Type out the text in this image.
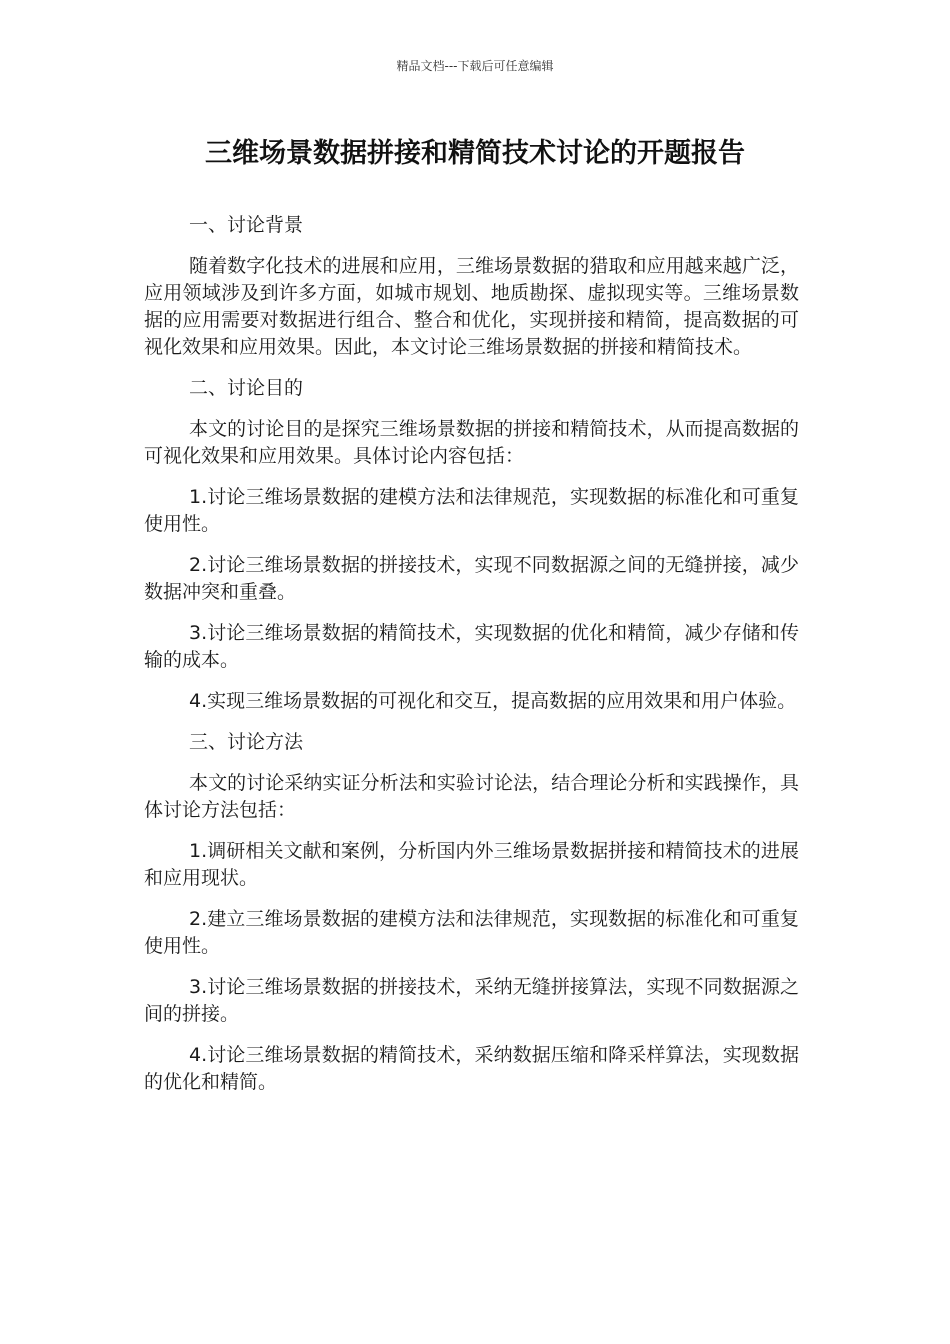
精品文档---下载后可任意编辑
三维场景数据拼接和精简技术讨论的开题报告

一、讨论背景

随着数字化技术的进展和应用，三维场景数据的猎取和应用越来越广泛，应用领域涉及到许多方面，如城市规划、地质勘探、虚拟现实等。三维场景数据的应用需要对数据进行组合、整合和优化，实现拼接和精简，提高数据的可视化效果和应用效果。因此，本文讨论三维场景数据的拼接和精简技术。

二、讨论目的

本文的讨论目的是探究三维场景数据的拼接和精简技术，从而提高数据的可视化效果和应用效果。具体讨论内容包括：

1.讨论三维场景数据的建模方法和法律规范，实现数据的标准化和可重复使用性。

2.讨论三维场景数据的拼接技术，实现不同数据源之间的无缝拼接，减少数据冲突和重叠。

3.讨论三维场景数据的精简技术，实现数据的优化和精简，减少存储和传输的成本。

4.实现三维场景数据的可视化和交互，提高数据的应用效果和用户体验。

三、讨论方法

本文的讨论采纳实证分析法和实验讨论法，结合理论分析和实践操作，具体讨论方法包括：

1.调研相关文献和案例，分析国内外三维场景数据拼接和精简技术的进展和应用现状。

2.建立三维场景数据的建模方法和法律规范，实现数据的标准化和可重复使用性。

3.讨论三维场景数据的拼接技术，采纳无缝拼接算法，实现不同数据源之间的拼接。

4.讨论三维场景数据的精简技术，采纳数据压缩和降采样算法，实现数据的优化和精简。
